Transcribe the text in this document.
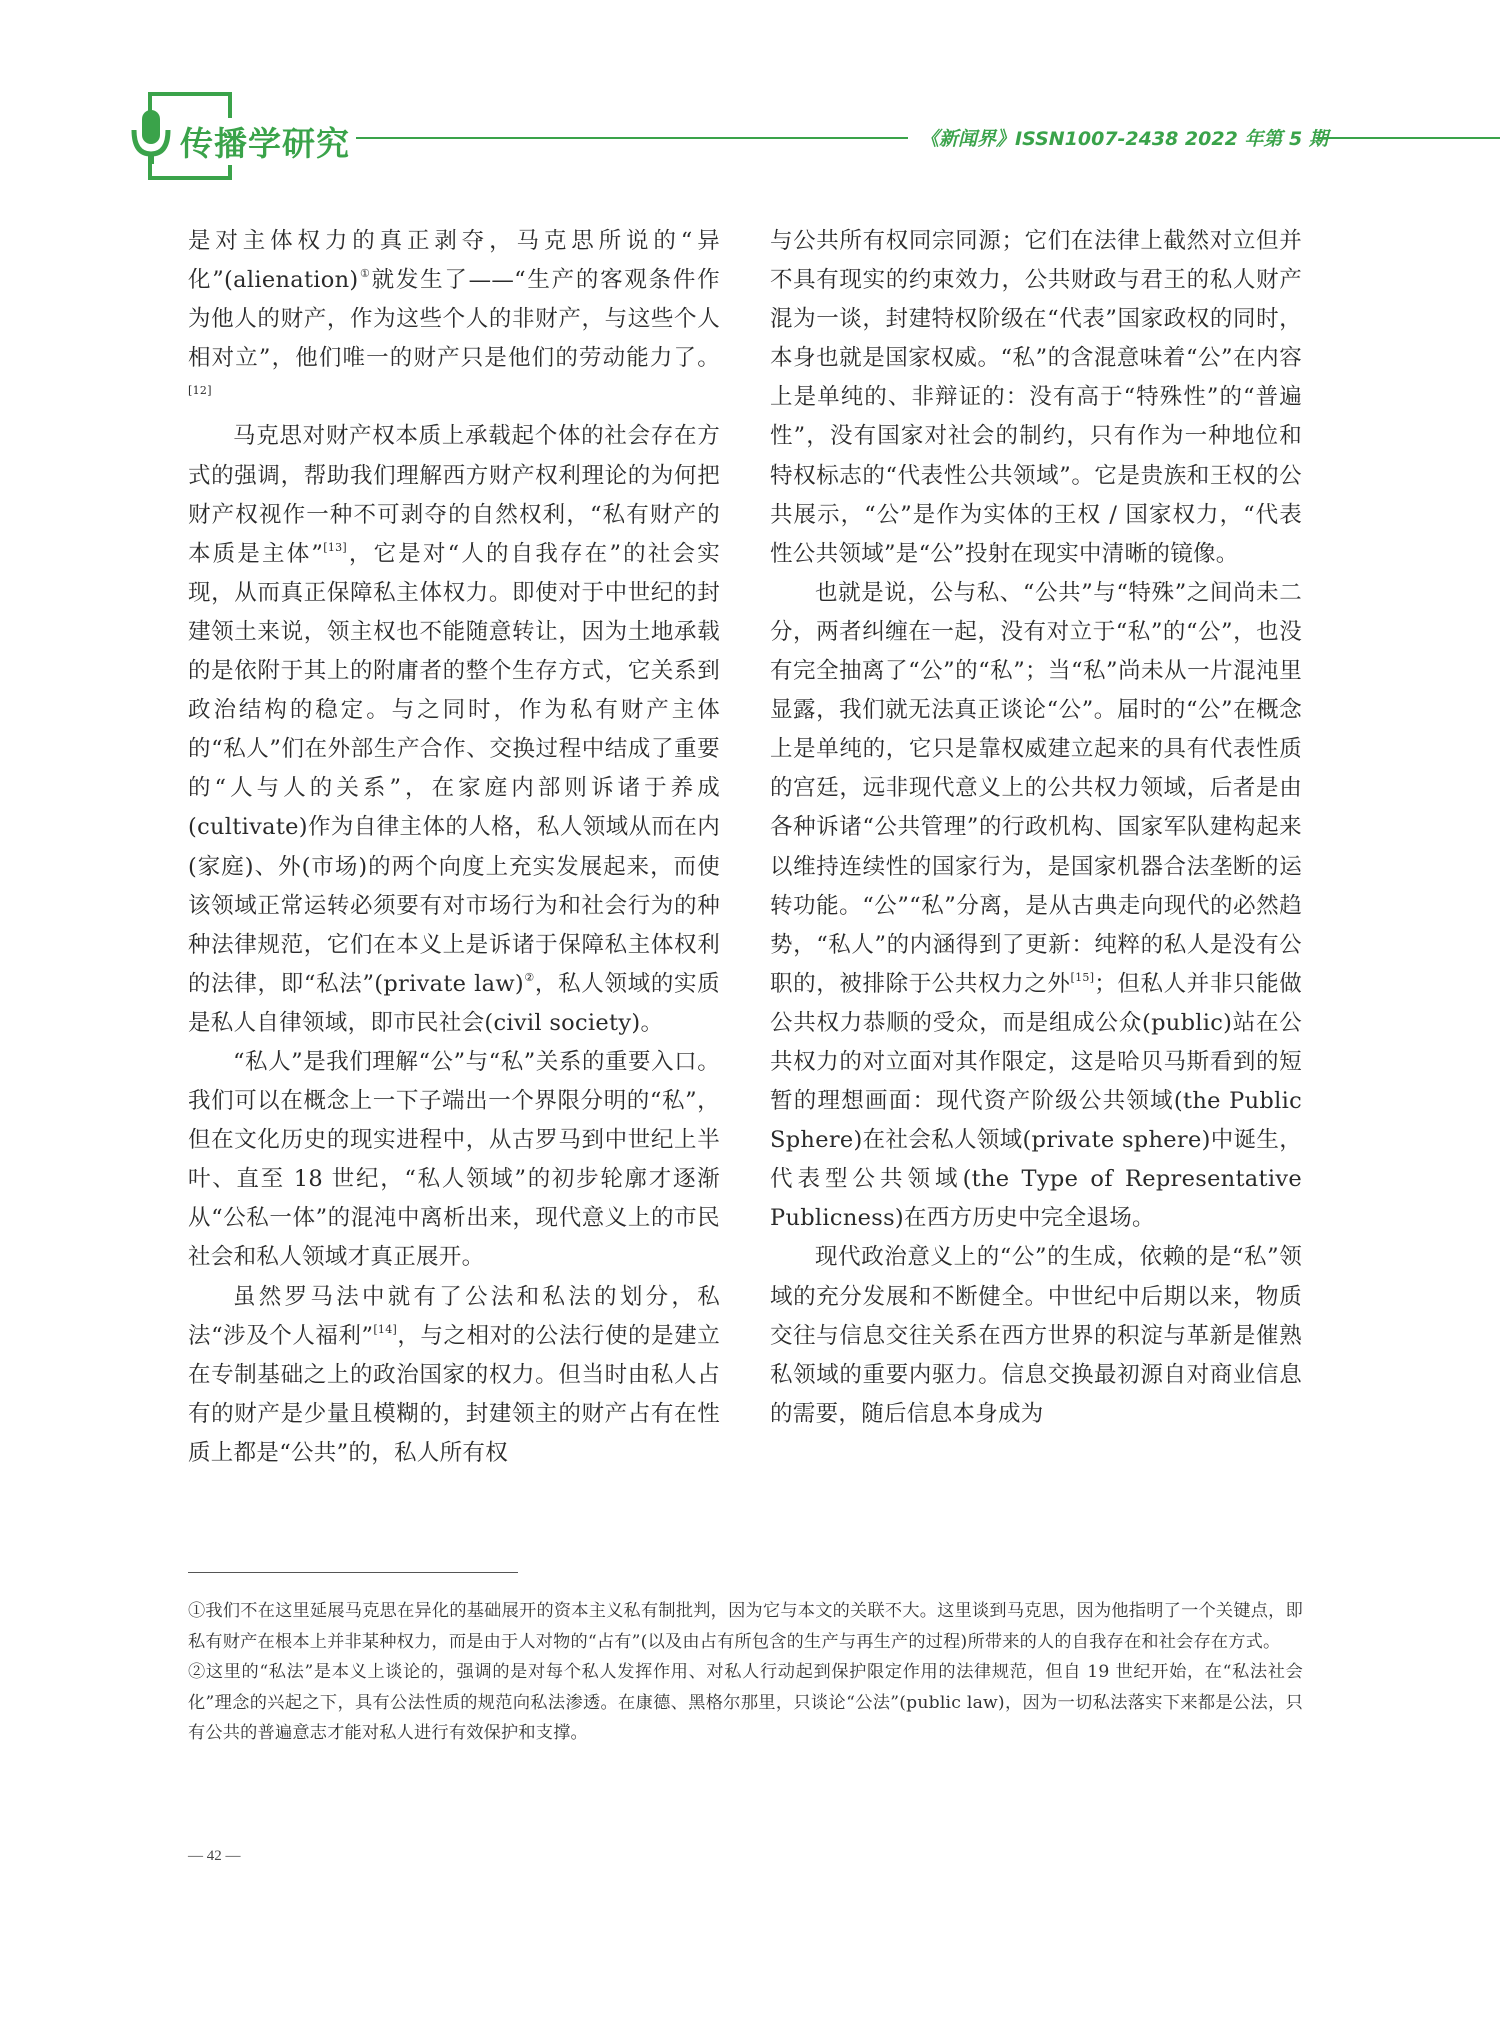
传播学研究	《新闻界》ISSN1007-2438 2022 年第 5 期

是对主体权力的真正剥夺，马克思所说的“异化”(alienation)①就发生了——“生产的客观条件作为他人的财产，作为这些个人的非财产，与这些个人相对立”，他们唯一的财产只是他们的劳动能力了。[12]

马克思对财产权本质上承载起个体的社会存在方式的强调，帮助我们理解西方财产权利理论的为何把财产权视作一种不可剥夺的自然权利，“私有财产的本质是主体”[13]，它是对“人的自我存在”的社会实现，从而真正保障私主体权力。即使对于中世纪的封建领土来说，领主权也不能随意转让，因为土地承载的是依附于其上的附庸者的整个生存方式，它关系到政治结构的稳定。与之同时，作为私有财产主体的“私人”们在外部生产合作、交换过程中结成了重要的“人与人的关系”，在家庭内部则诉诸于养成(cultivate)作为自律主体的人格，私人领域从而在内(家庭)、外(市场)的两个向度上充实发展起来，而使该领域正常运转必须要有对市场行为和社会行为的种种法律规范，它们在本义上是诉诸于保障私主体权利的法律，即“私法”(private law)②，私人领域的实质是私人自律领域，即市民社会(civil society)。

“私人”是我们理解“公”与“私”关系的重要入口。我们可以在概念上一下子端出一个界限分明的“私”，但在文化历史的现实进程中，从古罗马到中世纪上半叶、直至 18 世纪，“私人领域”的初步轮廓才逐渐从“公私一体”的混沌中离析出来，现代意义上的市民社会和私人领域才真正展开。

虽然罗马法中就有了公法和私法的划分，私法“涉及个人福利”[14]，与之相对的公法行使的是建立在专制基础之上的政治国家的权力。但当时由私人占有的财产是少量且模糊的，封建领主的财产占有在性质上都是“公共”的，私人所有权

与公共所有权同宗同源；它们在法律上截然对立但并不具有现实的约束效力，公共财政与君王的私人财产混为一谈，封建特权阶级在“代表”国家政权的同时，本身也就是国家权威。“私”的含混意味着“公”在内容上是单纯的、非辩证的：没有高于“特殊性”的“普遍性”，没有国家对社会的制约，只有作为一种地位和特权标志的“代表性公共领域”。它是贵族和王权的公共展示，“公”是作为实体的王权 / 国家权力，“代表性公共领域”是“公”投射在现实中清晰的镜像。

也就是说，公与私、“公共”与“特殊”之间尚未二分，两者纠缠在一起，没有对立于“私”的“公”，也没有完全抽离了“公”的“私”；当“私”尚未从一片混沌里显露，我们就无法真正谈论“公”。届时的“公”在概念上是单纯的，它只是靠权威建立起来的具有代表性质的宫廷，远非现代意义上的公共权力领域，后者是由各种诉诸“公共管理”的行政机构、国家军队建构起来以维持连续性的国家行为，是国家机器合法垄断的运转功能。“公”“私”分离，是从古典走向现代的必然趋势，“私人”的内涵得到了更新：纯粹的私人是没有公职的，被排除于公共权力之外[15]；但私人并非只能做公共权力恭顺的受众，而是组成公众(public)站在公共权力的对立面对其作限定，这是哈贝马斯看到的短暂的理想画面：现代资产阶级公共领域(the Public Sphere)在社会私人领域(private sphere)中诞生，代表型公共领域(the Type of Representative Publicness)在西方历史中完全退场。

现代政治意义上的“公”的生成，依赖的是“私”领域的充分发展和不断健全。中世纪中后期以来，物质交往与信息交往关系在西方世界的积淀与革新是催熟私领域的重要内驱力。信息交换最初源自对商业信息的需要，随后信息本身成为

①我们不在这里延展马克思在异化的基础展开的资本主义私有制批判，因为它与本文的关联不大。这里谈到马克思，因为他指明了一个关键点，即私有财产在根本上并非某种权力，而是由于人对物的“占有”(以及由占有所包含的生产与再生产的过程)所带来的人的自我存在和社会存在方式。

②这里的“私法”是本义上谈论的，强调的是对每个私人发挥作用、对私人行动起到保护限定作用的法律规范，但自 19 世纪开始，在“私法社会化”理念的兴起之下，具有公法性质的规范向私法渗透。在康德、黑格尔那里，只谈论“公法”(public law)，因为一切私法落实下来都是公法，只有公共的普遍意志才能对私人进行有效保护和支撑。

— 42 —
